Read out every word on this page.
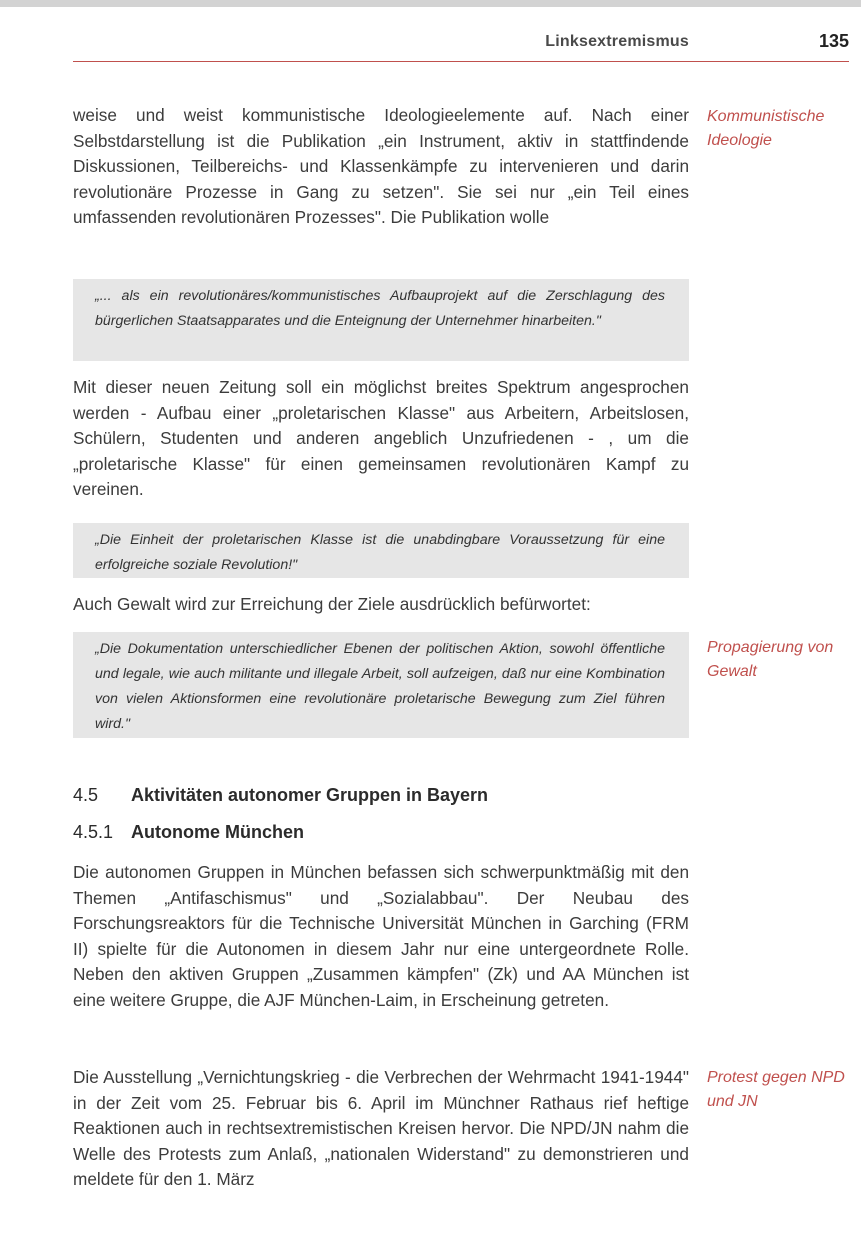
Linksextremismus	135

weise und weist kommunistische Ideologieelemente auf. Nach einer Selbstdarstellung ist die Publikation „ein Instrument, aktiv in stattfindende Diskussionen, Teilbereichs- und Klassenkämpfe zu intervenieren und darin revolutionäre Prozesse in Gang zu setzen". Sie sei nur „ein Teil eines umfassenden revolutionären Prozesses". Die Publikation wolle

Kommunistische Ideologie
„... als ein revolutionäres/kommunistisches Aufbauprojekt auf die Zerschlagung des bürgerlichen Staatsapparates und die Enteignung der Unternehmer hinarbeiten."

Mit dieser neuen Zeitung soll ein möglichst breites Spektrum angesprochen werden - Aufbau einer „proletarischen Klasse" aus Arbeitern, Arbeitslosen, Schülern, Studenten und anderen angeblich Unzufriedenen - , um die „proletarische Klasse" für einen gemeinsamen revolutionären Kampf zu vereinen.

„Die Einheit der proletarischen Klasse ist die unabdingbare Voraussetzung für eine erfolgreiche soziale Revolution!"

Auch Gewalt wird zur Erreichung der Ziele ausdrücklich befürwortet:

„Die Dokumentation unterschiedlicher Ebenen der politischen Aktion, sowohl öffentliche und legale, wie auch militante und illegale Arbeit, soll aufzeigen, daß nur eine Kombination von vielen Aktionsformen eine revolutionäre proletarische Bewegung zum Ziel führen wird."
Propagierung von Gewalt
4.5 Aktivitäten autonomer Gruppen in Bayern
4.5.1 Autonome München

Die autonomen Gruppen in München befassen sich schwerpunktmäßig mit den Themen „Antifaschismus" und „Sozialabbau". Der Neubau des Forschungsreaktors für die Technische Universität München in Garching (FRM II) spielte für die Autonomen in diesem Jahr nur eine untergeordnete Rolle. Neben den aktiven Gruppen „Zusammen kämpfen" (Zk) und AA München ist eine weitere Gruppe, die AJF München-Laim, in Erscheinung getreten.

Die Ausstellung „Vernichtungskrieg - die Verbrechen der Wehrmacht 1941-1944" in der Zeit vom 25. Februar bis 6. April im Münchner Rathaus rief heftige Reaktionen auch in rechtsextremistischen Kreisen hervor. Die NPD/JN nahm die Welle des Protests zum Anlaß, „nationalen Widerstand" zu demonstrieren und meldete für den 1. März

Protest gegen NPD und JN
